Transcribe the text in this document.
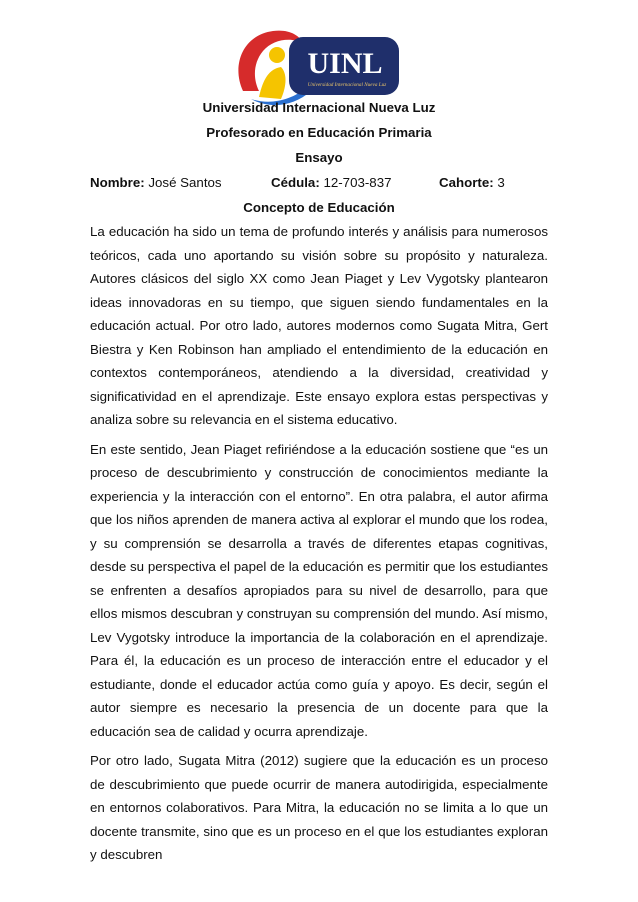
UINL
Universidad Internacional Nueva Luz
Universidad Internacional Nueva Luz
Profesorado en Educación Primaria
Ensayo
Nombre: José Santos	Cédula: 12-703-837	Cahorte: 3
Concepto de Educación

La educación ha sido un tema de profundo interés y análisis para numerosos teóricos, cada uno aportando su visión sobre su propósito y naturaleza. Autores clásicos del siglo XX como Jean Piaget y Lev Vygotsky plantearon ideas innovadoras en su tiempo, que siguen siendo fundamentales en la educación actual. Por otro lado, autores modernos como Sugata Mitra, Gert Biestra y Ken Robinson han ampliado el entendimiento de la educación en contextos contemporáneos, atendiendo a la diversidad, creatividad y significatividad en el aprendizaje. Este ensayo explora estas perspectivas y analiza sobre su relevancia en el sistema educativo.

En este sentido, Jean Piaget refiriéndose a la educación sostiene que “es un proceso de descubrimiento y construcción de conocimientos mediante la experiencia y la interacción con el entorno”. En otra palabra, el autor afirma que los niños aprenden de manera activa al explorar el mundo que los rodea, y su comprensión se desarrolla a través de diferentes etapas cognitivas, desde su perspectiva el papel de la educación es permitir que los estudiantes se enfrenten a desafíos apropiados para su nivel de desarrollo, para que ellos mismos descubran y construyan su comprensión del mundo. Así mismo, Lev Vygotsky introduce la importancia de la colaboración en el aprendizaje. Para él, la educación es un proceso de interacción entre el educador y el estudiante, donde el educador actúa como guía y apoyo. Es decir, según el autor siempre es necesario la presencia de un docente para que la educación sea de calidad y ocurra aprendizaje.

Por otro lado, Sugata Mitra (2012) sugiere que la educación es un proceso de descubrimiento que puede ocurrir de manera autodirigida, especialmente en entornos colaborativos. Para Mitra, la educación no se limita a lo que un docente transmite, sino que es un proceso en el que los estudiantes exploran y descubren
